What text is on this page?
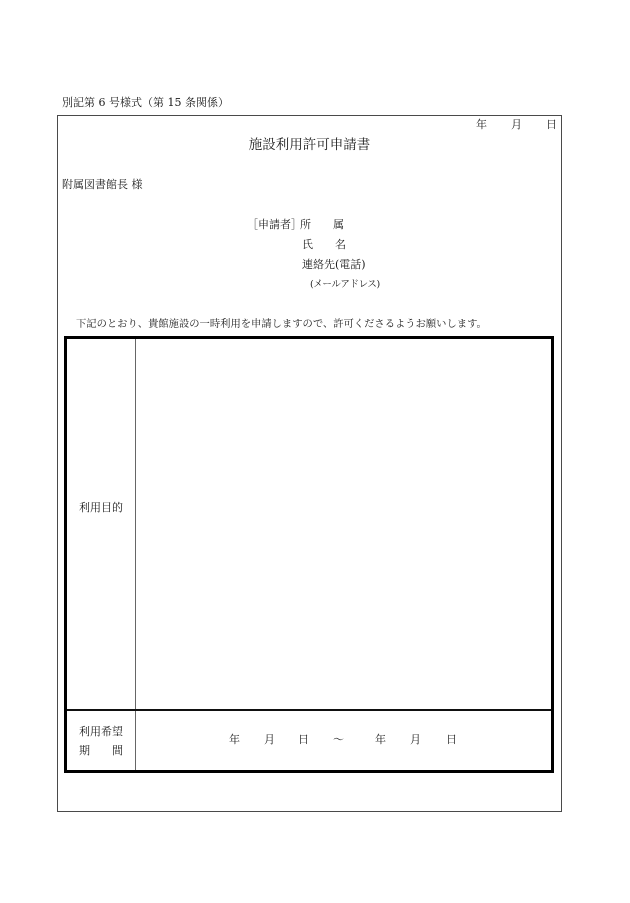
別記第 6 号様式（第 15 条関係）
年 月 日
施設利用許可申請書
附属図書館長 様
［申請者］
所　　属
氏　　名
連絡先(電話)
(メールアドレス)
下記のとおり、貴館施設の一時利用を申請しますので、許可くださるようお願いします。
利用目的
利用希望
期　　間
年 月 日 〜	年 月 日
